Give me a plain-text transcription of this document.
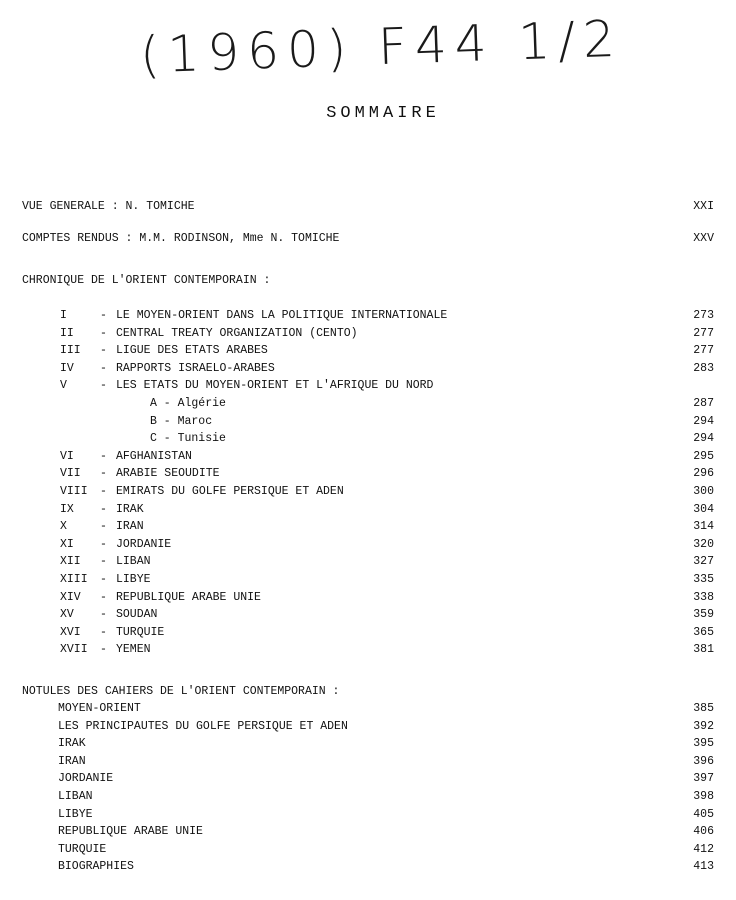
(1960) F44 1/2
SOMMAIRE
VUE GENERALE : N. TOMICHE	XXI
COMPTES RENDUS : M.M. RODINSON, Mme N. TOMICHE	XXV
CHRONIQUE DE L'ORIENT CONTEMPORAIN :
I	- LE MOYEN-ORIENT DANS LA POLITIQUE INTERNATIONALE	273
II - CENTRAL TREATY ORGANIZATION (CENTO)	277
III - LIGUE DES ETATS ARABES	277
IV - RAPPORTS ISRAELO-ARABES	283
V	- LES ETATS DU MOYEN-ORIENT ET L'AFRIQUE DU NORD
A - Algérie	287
B - Maroc	294
C - Tunisie	294
VI - AFGHANISTAN	295
VII - ARABIE SEOUDITE	296
VIII - EMIRATS DU GOLFE PERSIQUE ET ADEN	300
IX - IRAK	304
X	- IRAN	314
XI - JORDANIE	320
XII - LIBAN	327
XIII - LIBYE	335
XIV - REPUBLIQUE ARABE UNIE	338
XV - SOUDAN	359
XVI - TURQUIE	365
XVII - YEMEN	381
NOTULES DES CAHIERS DE L'ORIENT CONTEMPORAIN :
MOYEN-ORIENT	385
LES PRINCIPAUTES DU GOLFE PERSIQUE ET ADEN	392
IRAK	395
IRAN	396
JORDANIE	397
LIBAN	398
LIBYE	405
REPUBLIQUE ARABE UNIE	406
TURQUIE	412
BIOGRAPHIES	413
